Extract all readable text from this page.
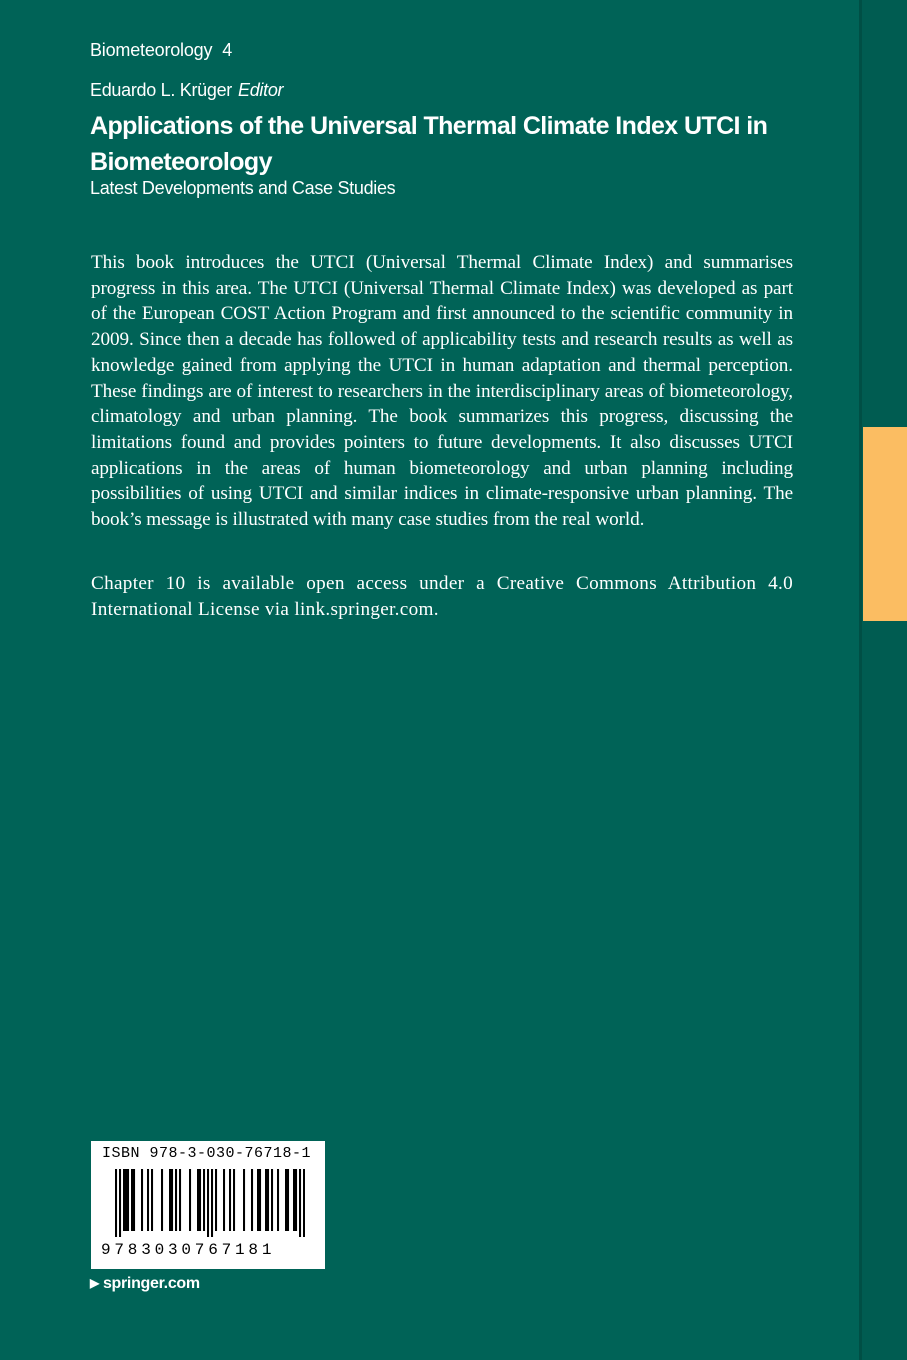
Biometeorology 4
Eduardo L. Krüger Editor
Applications of the Universal Thermal Climate Index UTCI in Biometeorology
Latest Developments and Case Studies

This book introduces the UTCI (Universal Thermal Climate Index) and summarises progress in this area. The UTCI (Universal Thermal Climate Index) was developed as part of the European COST Action Program and first announced to the scientific community in 2009. Since then a decade has followed of applicability tests and research results as well as knowledge gained from applying the UTCI in human adaptation and thermal perception. These findings are of interest to researchers in the interdisciplinary areas of biometeorology, climatology and urban planning. The book summarizes this progress, discussing the limitations found and provides pointers to future developments. It also discusses UTCI applications in the areas of human biometeorology and urban planning including possibilities of using UTCI and similar indices in climate-responsive urban planning. The book’s message is illustrated with many case studies from the real world.

Chapter 10 is available open access under a Creative Commons Attribution 4.0 International License via link.springer.com.

ISBN 978-3-030-76718-1
9783030767181
▶ springer.com
